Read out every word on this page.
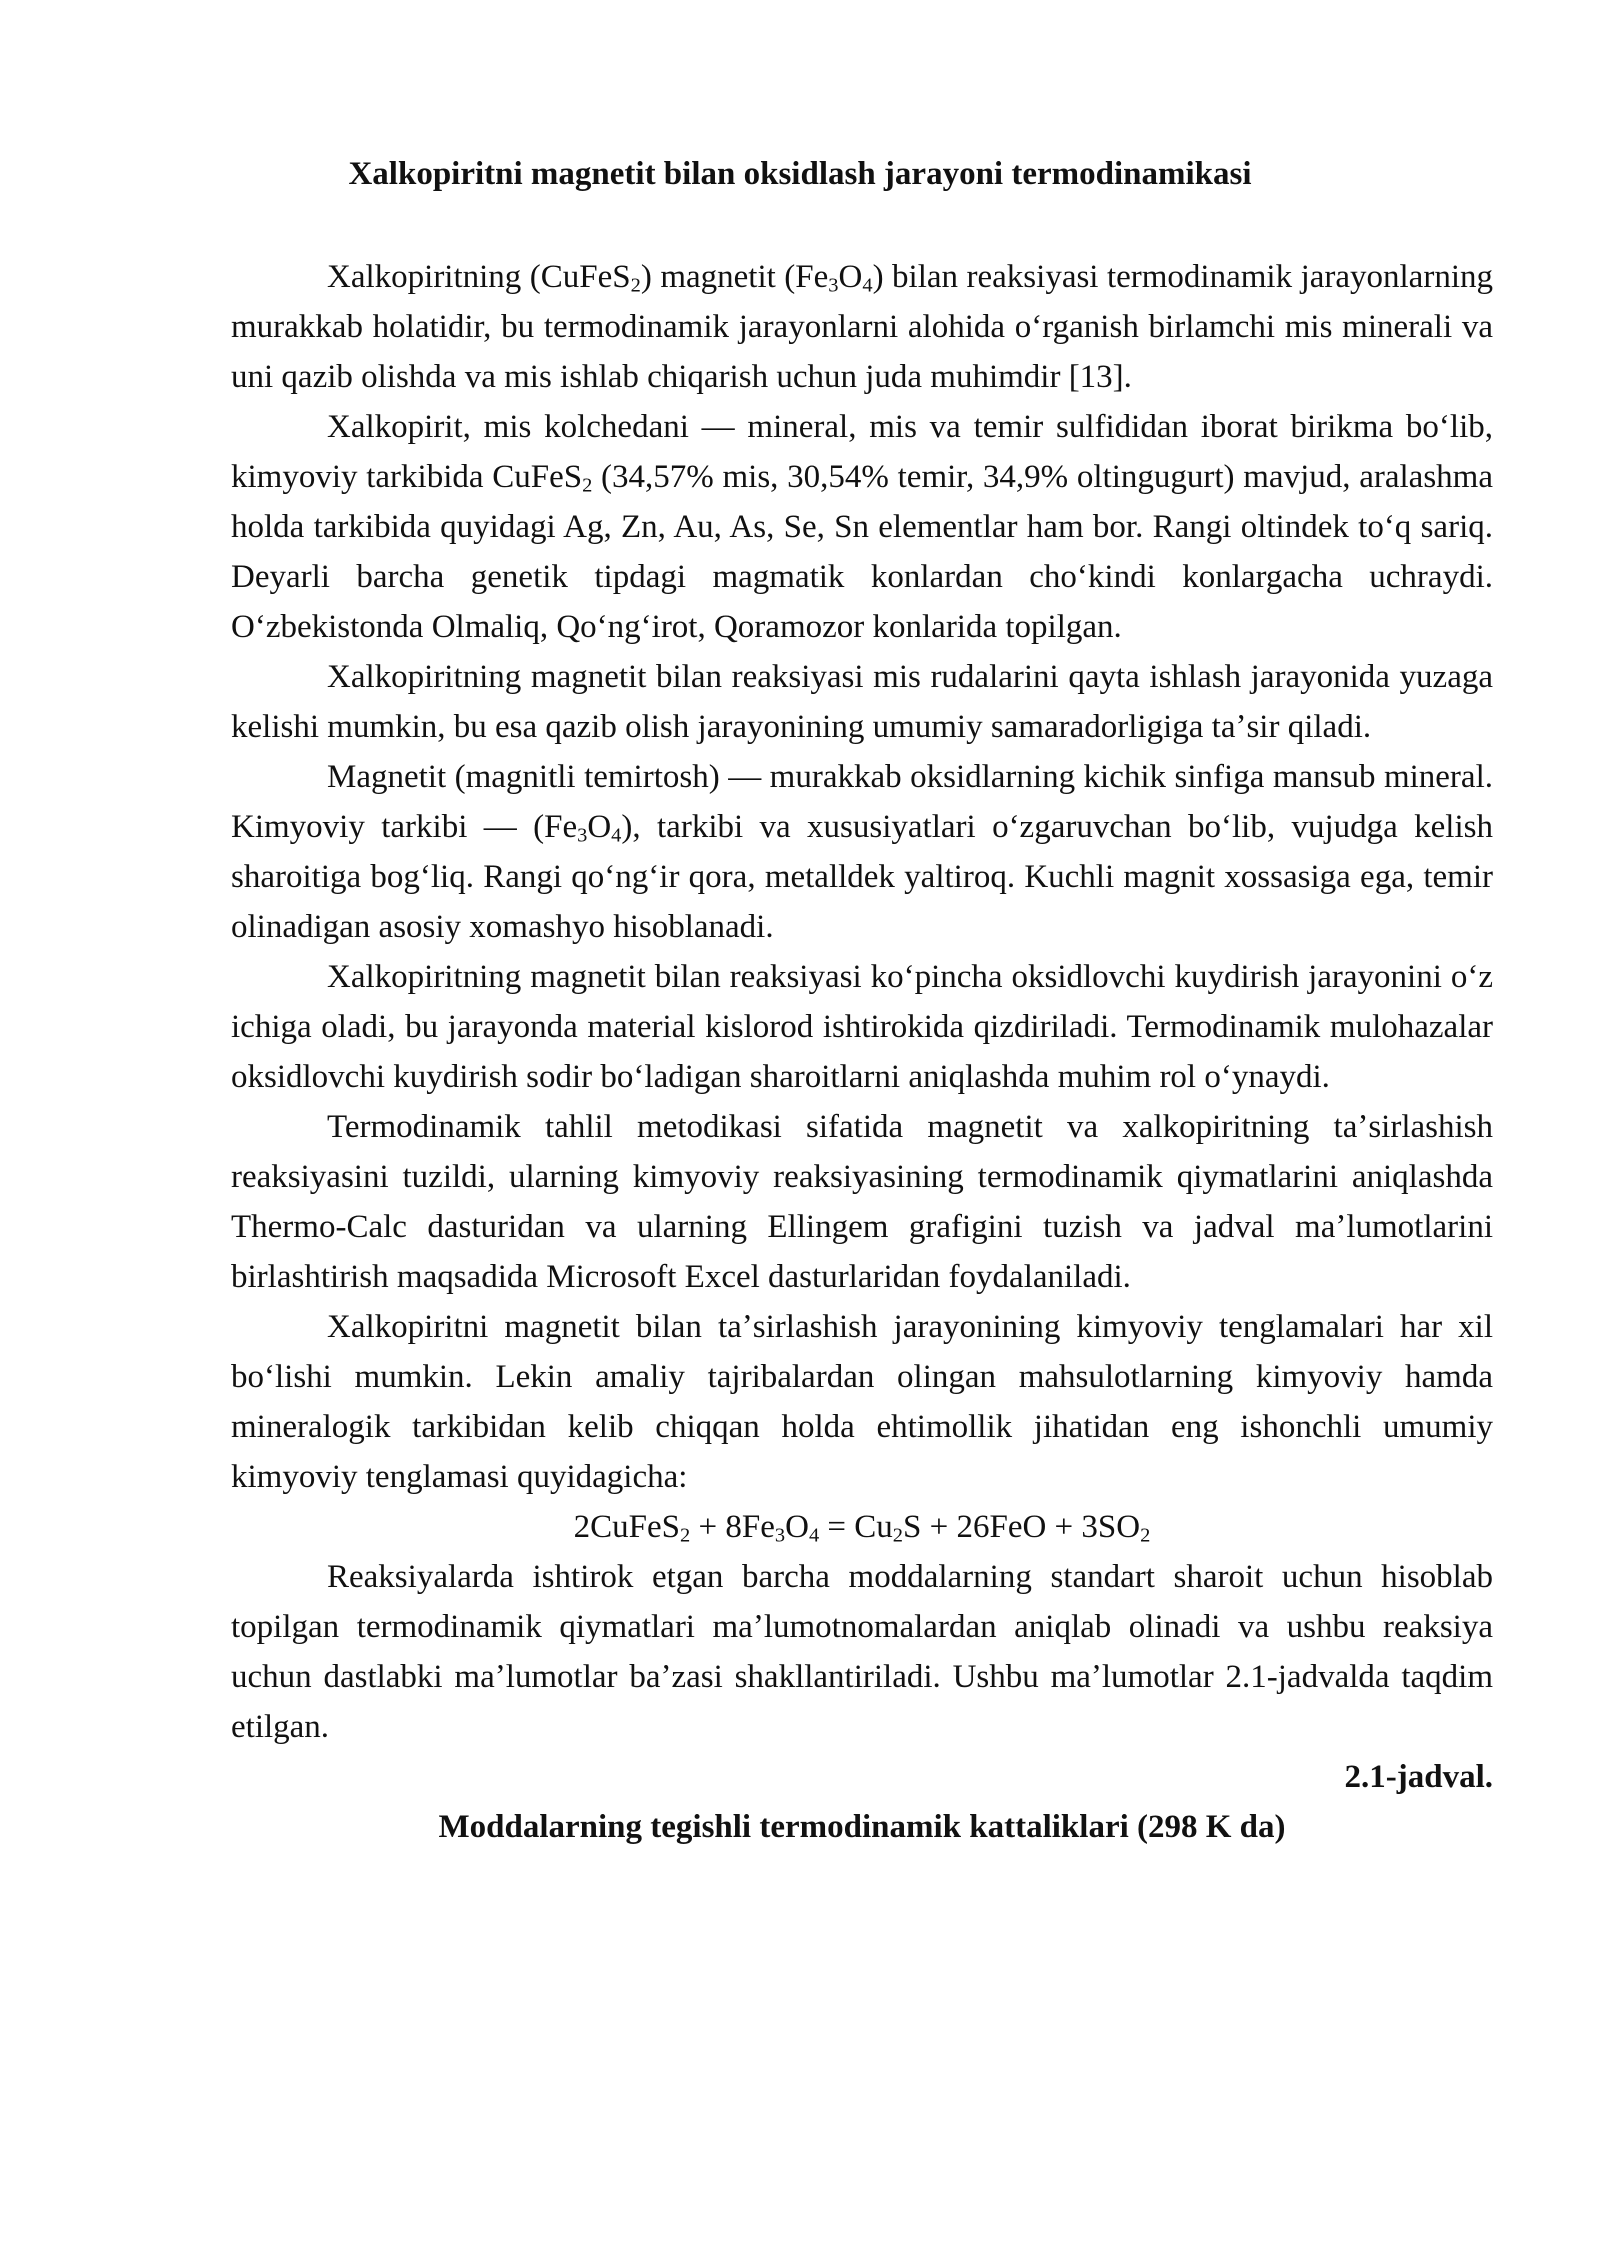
Xalkopiritni magnetit bilan oksidlash jarayoni termodinamikasi

Xalkopiritning (CuFeS$_2$) magnetit $(Fe_3O_4)$ bilan reaksiyasi termodinamik jarayonlarning murakkab holatidir, bu termodinamik jarayonlarni alohida oʻrganish birlamchi mis minerali va uni qazib olishda va mis ishlab chiqarish uchun juda muhimdir [13].

Xalkopirit, mis kolchedani — mineral, mis va temir sulfididan iborat birikma boʻlib, kimyoviy tarkibida CuFeS$_2$ (34,57% mis, 30,54% temir, 34,9% oltingugurt) mavjud, aralashma holda tarkibida quyidagi Ag, Zn, Au, As, Se, Sn elementlar ham bor. Rangi oltindek toʻq sariq. Deyarli barcha genetik tipdagi magmatik konlardan choʻkindi konlargacha uchraydi. Oʻzbekistonda Olmaliq, Qoʻngʻirot, Qoramozor konlarida topilgan.

Xalkopiritning magnetit bilan reaksiyasi mis rudalarini qayta ishlash jarayonida yuzaga kelishi mumkin, bu esa qazib olish jarayonining umumiy samaradorligiga taʼsir qiladi.

Magnetit (magnitli temirtosh) — murakkab oksidlarning kichik sinfiga mansub mineral. Kimyoviy tarkibi — $(Fe_3O_4)$, tarkibi va xususiyatlari oʻzgaruvchan boʻlib, vujudga kelish sharoitiga bogʻliq. Rangi qoʻngʻir qora, metalldek yaltiroq. Kuchli magnit xossasiga ega, temir olinadigan asosiy xomashyo hisoblanadi.

Xalkopiritning magnetit bilan reaksiyasi koʻpincha oksidlovchi kuydirish jarayonini oʻz ichiga oladi, bu jarayonda material kislorod ishtirokida qizdiriladi. Termodinamik mulohazalar oksidlovchi kuydirish sodir boʻladigan sharoitlarni aniqlashda muhim rol oʻynaydi.

Termodinamik tahlil metodikasi sifatida magnetit va xalkopiritning taʼsirlashish reaksiyasini tuzildi, ularning kimyoviy reaksiyasining termodinamik qiymatlarini aniqlashda Thermo-Calc dasturidan va ularning Ellingem grafigini tuzish va jadval maʼlumotlarini birlashtirish maqsadida Microsoft Excel dasturlaridan foydalaniladi.

Xalkopiritni magnetit bilan taʼsirlashish jarayonining kimyoviy tenglamalari har xil boʻlishi mumkin. Lekin amaliy tajribalardan olingan mahsulotlarning kimyoviy hamda mineralogik tarkibidan kelib chiqqan holda ehtimollik jihatidan eng ishonchli umumiy kimyoviy tenglamasi quyidagicha:

2CuFeS$_2$ + $8Fe_3O_4 = Cu_2S + 26FeO + 3SO_2$

Reaksiyalarda ishtirok etgan barcha moddalarning standart sharoit uchun hisoblab topilgan termodinamik qiymatlari maʼlumotnomalardan aniqlab olinadi va ushbu reaksiya uchun dastlabki maʼlumotlar baʼzasi shakllantiriladi. Ushbu maʼlumotlar 2.1-jadvalda taqdim etilgan.

2.1-jadval.

Moddalarning tegishli termodinamik kattaliklari (298 K da)
